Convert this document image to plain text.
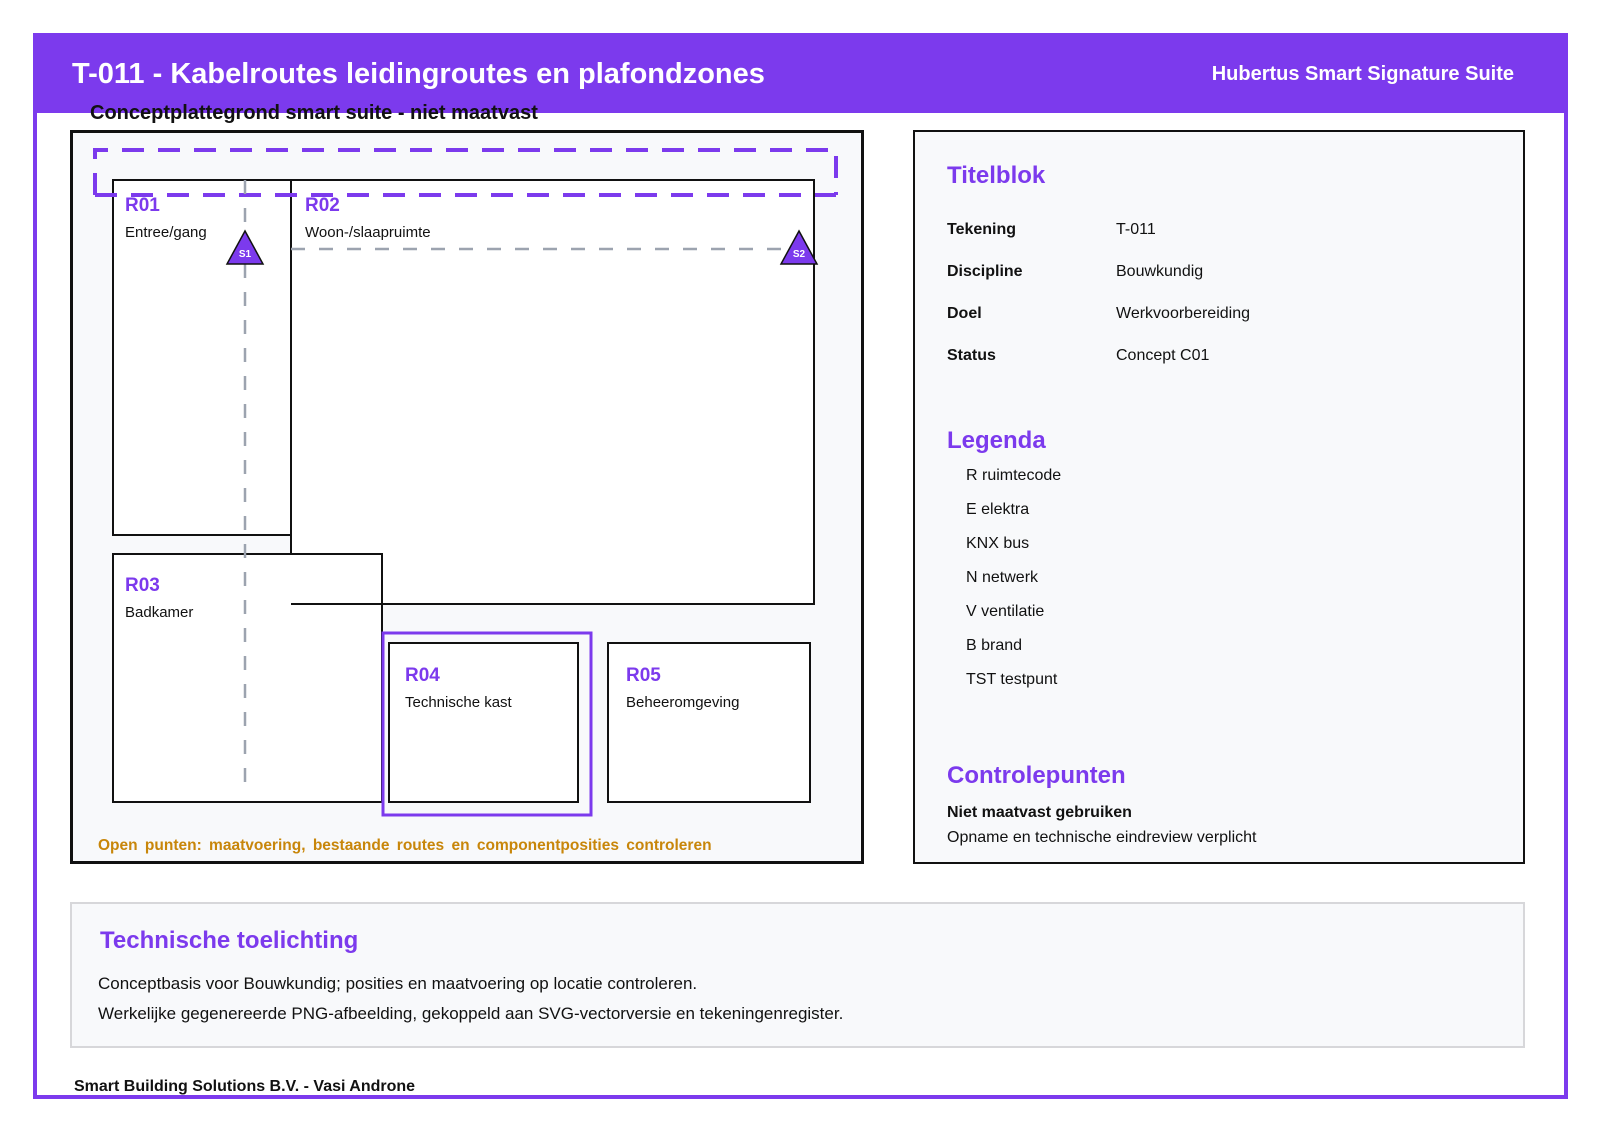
T-011 - Kabelroutes leidingroutes en plafondzones	Hubertus Smart Signature Suite
S1	S2
R01
Entree/gang
R02
Woon-/slaapruimte
R03
Badkamer
R04
Technische kast
R05
Beheeromgeving
Conceptplattegrond smart suite - niet maatvast
Open punten: maatvoering, bestaande routes en componentposities controleren
Titelblok
Tekening	T-011
Discipline	Bouwkundig
Doel	Werkvoorbereiding
Status	Concept C01
Legenda
R ruimtecode
E elektra
KNX bus
N netwerk
V ventilatie
B brand
TST testpunt
Controlepunten
Niet maatvast gebruiken
Opname en technische eindreview verplicht
Technische toelichting
Conceptbasis voor Bouwkundig; posities en maatvoering op locatie controleren.
Werkelijke gegenereerde PNG-afbeelding, gekoppeld aan SVG-vectorversie en tekeningenregister.
Smart Building Solutions B.V. - Vasi Androne
